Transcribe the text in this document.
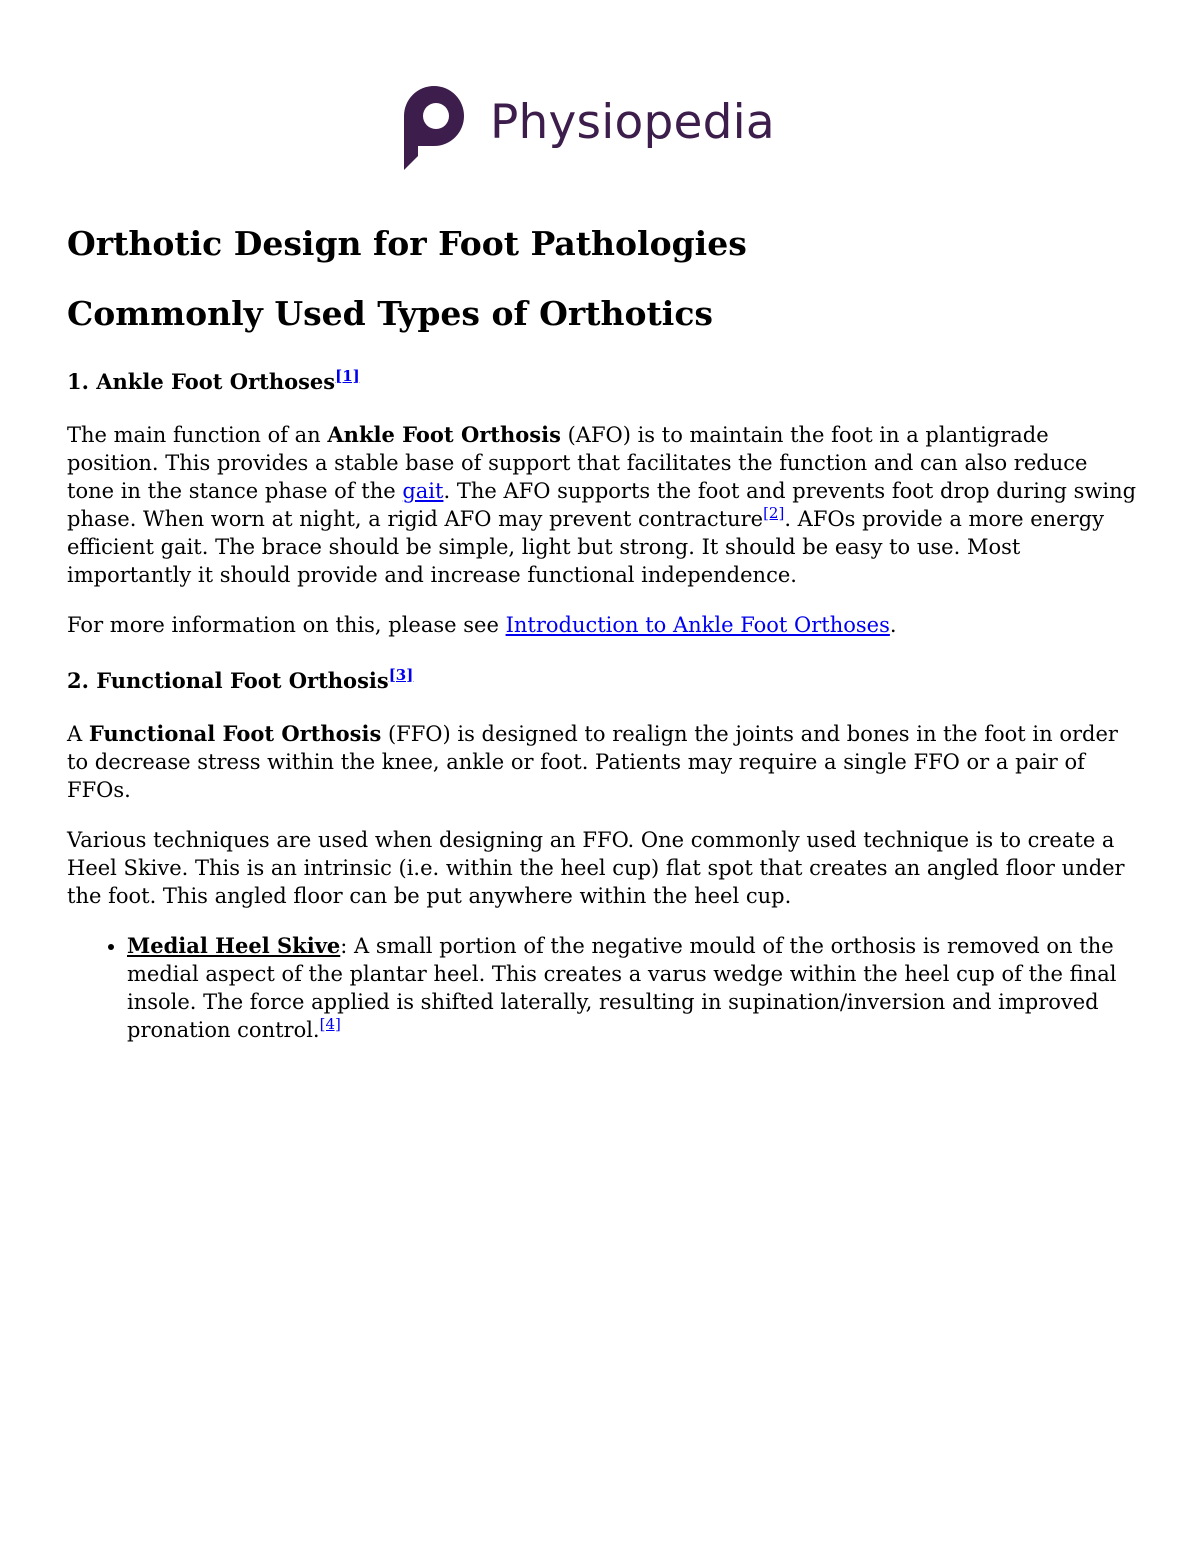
Physiopedia
Orthotic Design for Foot Pathologies
Commonly Used Types of Orthotics
1. Ankle Foot Orthoses[1]

The main function of an Ankle Foot Orthosis (AFO) is to maintain the foot in a plantigrade position. This provides a stable base of support that facilitates the function and can also reduce tone in the stance phase of the gait. The AFO supports the foot and prevents foot drop during swing phase. When worn at night, a rigid AFO may prevent contracture[2]. AFOs provide a more energy efficient gait. The brace should be simple, light but strong. It should be easy to use. Most importantly it should provide and increase functional independence.

For more information on this, please see Introduction to Ankle Foot Orthoses.

2. Functional Foot Orthosis[3]

A Functional Foot Orthosis (FFO) is designed to realign the joints and bones in the foot in order to decrease stress within the knee, ankle or foot. Patients may require a single FFO or a pair of FFOs.

Various techniques are used when designing an FFO. One commonly used technique is to create a Heel Skive. This is an intrinsic (i.e. within the heel cup) flat spot that creates an angled floor under the foot. This angled floor can be put anywhere within the heel cup.

• Medial Heel Skive: A small portion of the negative mould of the orthosis is removed on the medial aspect of the plantar heel. This creates a varus wedge within the heel cup of the final insole. The force applied is shifted laterally, resulting in supination/inversion and improved pronation control.[4]
